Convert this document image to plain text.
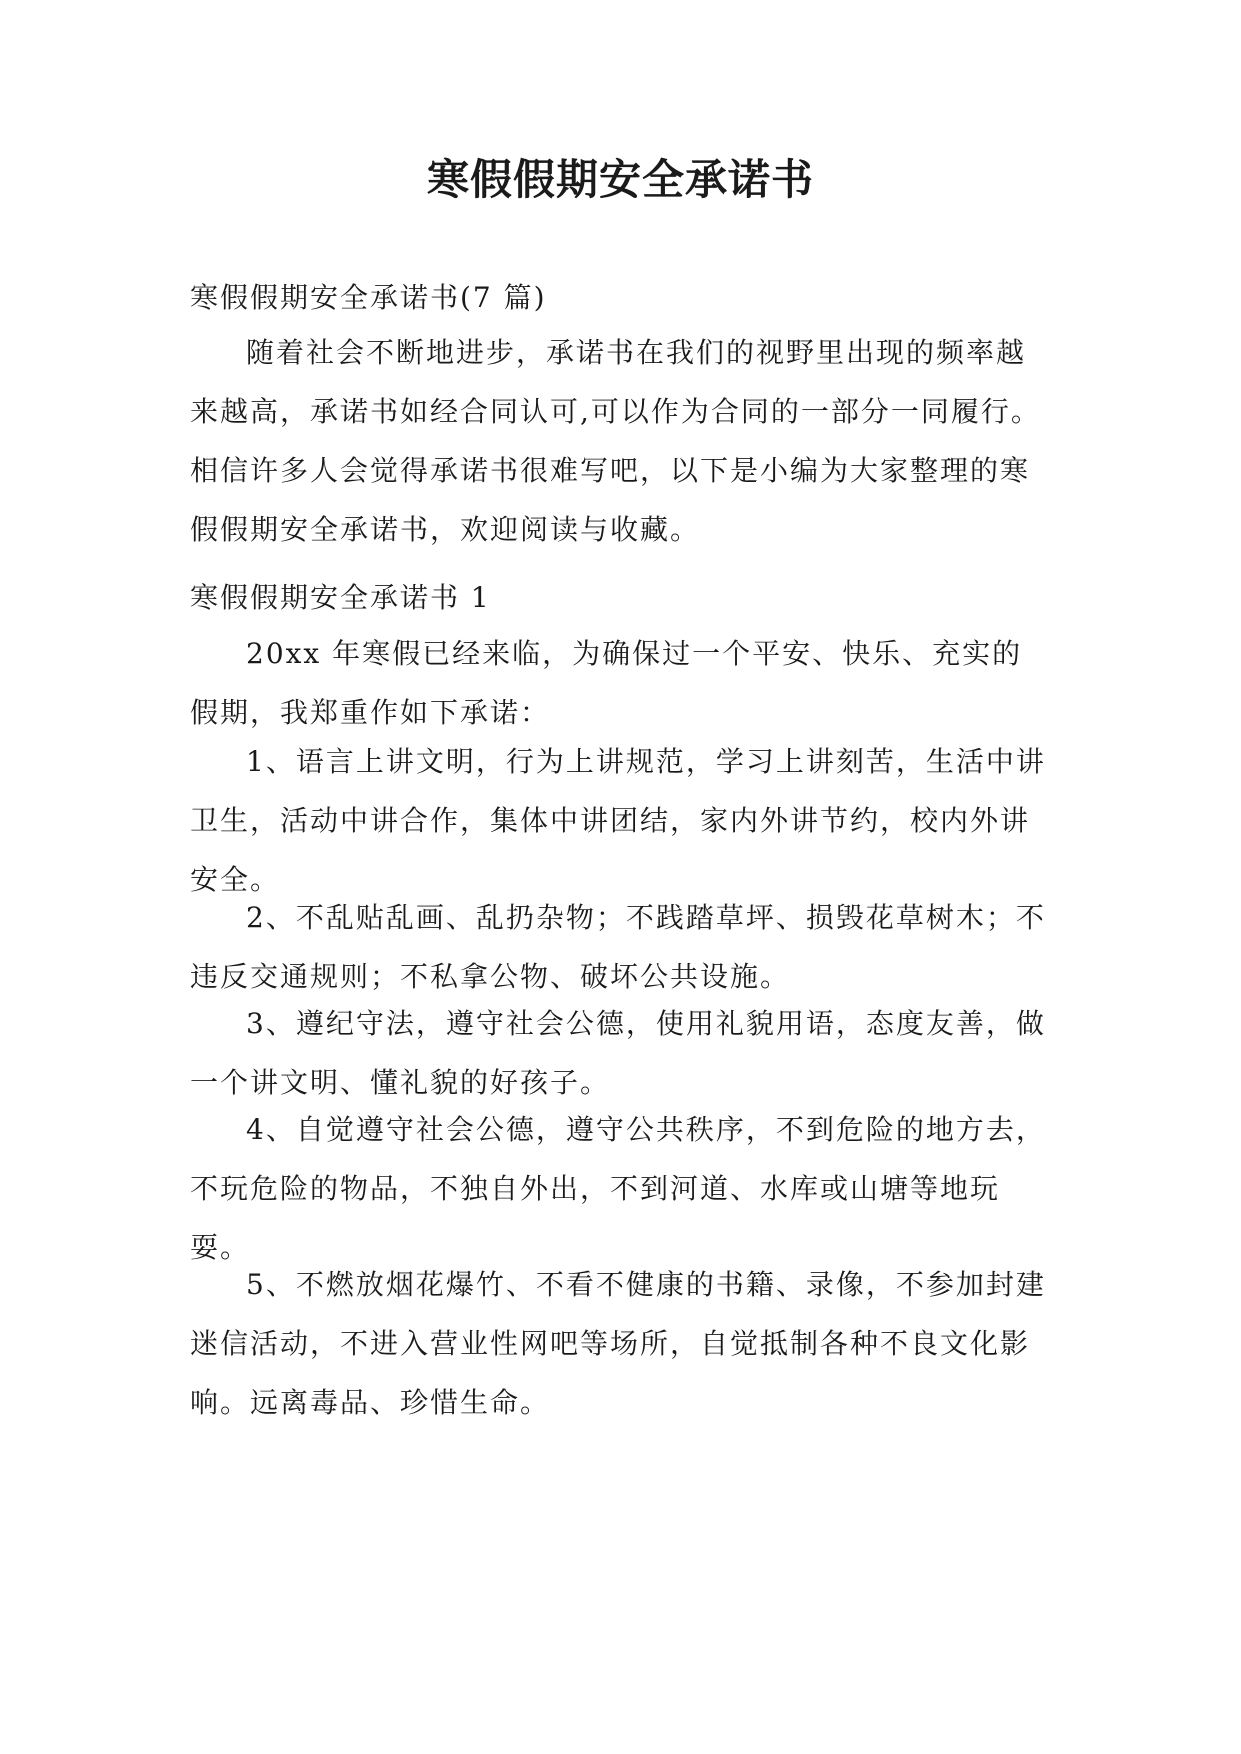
寒假假期安全承诺书

寒假假期安全承诺书(7 篇)

随着社会不断地进步，承诺书在我们的视野里出现的频率越来越高，承诺书如经合同认可,可以作为合同的一部分一同履行。相信许多人会觉得承诺书很难写吧，以下是小编为大家整理的寒假假期安全承诺书，欢迎阅读与收藏。

寒假假期安全承诺书 1

20xx 年寒假已经来临，为确保过一个平安、快乐、充实的假期，我郑重作如下承诺：

1、语言上讲文明，行为上讲规范，学习上讲刻苦，生活中讲卫生，活动中讲合作，集体中讲团结，家内外讲节约，校内外讲安全。

2、不乱贴乱画、乱扔杂物；不践踏草坪、损毁花草树木；不违反交通规则；不私拿公物、破坏公共设施。

3、遵纪守法，遵守社会公德，使用礼貌用语，态度友善，做一个讲文明、懂礼貌的好孩子。

4、自觉遵守社会公德，遵守公共秩序，不到危险的地方去，不玩危险的物品，不独自外出，不到河道、水库或山塘等地玩耍。

5、不燃放烟花爆竹、不看不健康的书籍、录像，不参加封建迷信活动，不进入营业性网吧等场所，自觉抵制各种不良文化影响。远离毒品、珍惜生命。
